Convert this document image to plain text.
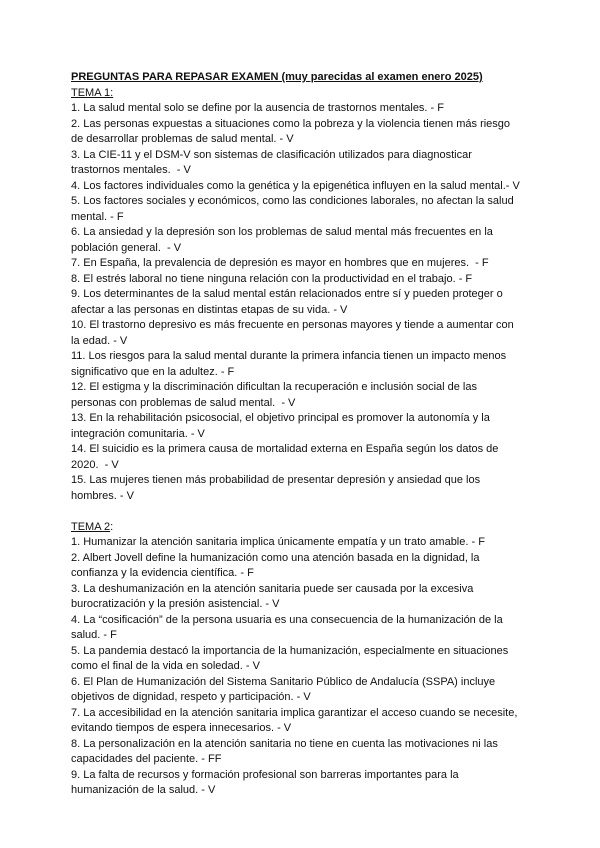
PREGUNTAS PARA REPASAR EXAMEN (muy parecidas al examen enero 2025)
TEMA 1:
1. La salud mental solo se define por la ausencia de trastornos mentales. - F
2. Las personas expuestas a situaciones como la pobreza y la violencia tienen más riesgo
de desarrollar problemas de salud mental. - V
3. La CIE-11 y el DSM-V son sistemas de clasificación utilizados para diagnosticar
trastornos mentales.  - V
4. Los factores individuales como la genética y la epigenética influyen en la salud mental.- V
5. Los factores sociales y económicos, como las condiciones laborales, no afectan la salud
mental. - F
6. La ansiedad y la depresión son los problemas de salud mental más frecuentes en la
población general.  - V
7. En España, la prevalencia de depresión es mayor en hombres que en mujeres.  - F
8. El estrés laboral no tiene ninguna relación con la productividad en el trabajo. - F
9. Los determinantes de la salud mental están relacionados entre sí y pueden proteger o
afectar a las personas en distintas etapas de su vida. - V
10. El trastorno depresivo es más frecuente en personas mayores y tiende a aumentar con
la edad. - V
11. Los riesgos para la salud mental durante la primera infancia tienen un impacto menos
significativo que en la adultez. - F
12. El estigma y la discriminación dificultan la recuperación e inclusión social de las
personas con problemas de salud mental.  - V
13. En la rehabilitación psicosocial, el objetivo principal es promover la autonomía y la
integración comunitaria. - V
14. El suicidio es la primera causa de mortalidad externa en España según los datos de
2020.  - V
15. Las mujeres tienen más probabilidad de presentar depresión y ansiedad que los
hombres. - V
TEMA 2:
1. Humanizar la atención sanitaria implica únicamente empatía y un trato amable. - F
2. Albert Jovell define la humanización como una atención basada en la dignidad, la
confianza y la evidencia científica. - F
3. La deshumanización en la atención sanitaria puede ser causada por la excesiva
burocratización y la presión asistencial. - V
4. La “cosificación” de la persona usuaria es una consecuencia de la humanización de la
salud. - F
5. La pandemia destacó la importancia de la humanización, especialmente en situaciones
como el final de la vida en soledad. - V
6. El Plan de Humanización del Sistema Sanitario Público de Andalucía (SSPA) incluye
objetivos de dignidad, respeto y participación. - V
7. La accesibilidad en la atención sanitaria implica garantizar el acceso cuando se necesite,
evitando tiempos de espera innecesarios. - V
8. La personalización en la atención sanitaria no tiene en cuenta las motivaciones ni las
capacidades del paciente. - FF
9. La falta de recursos y formación profesional son barreras importantes para la
humanización de la salud. - V
